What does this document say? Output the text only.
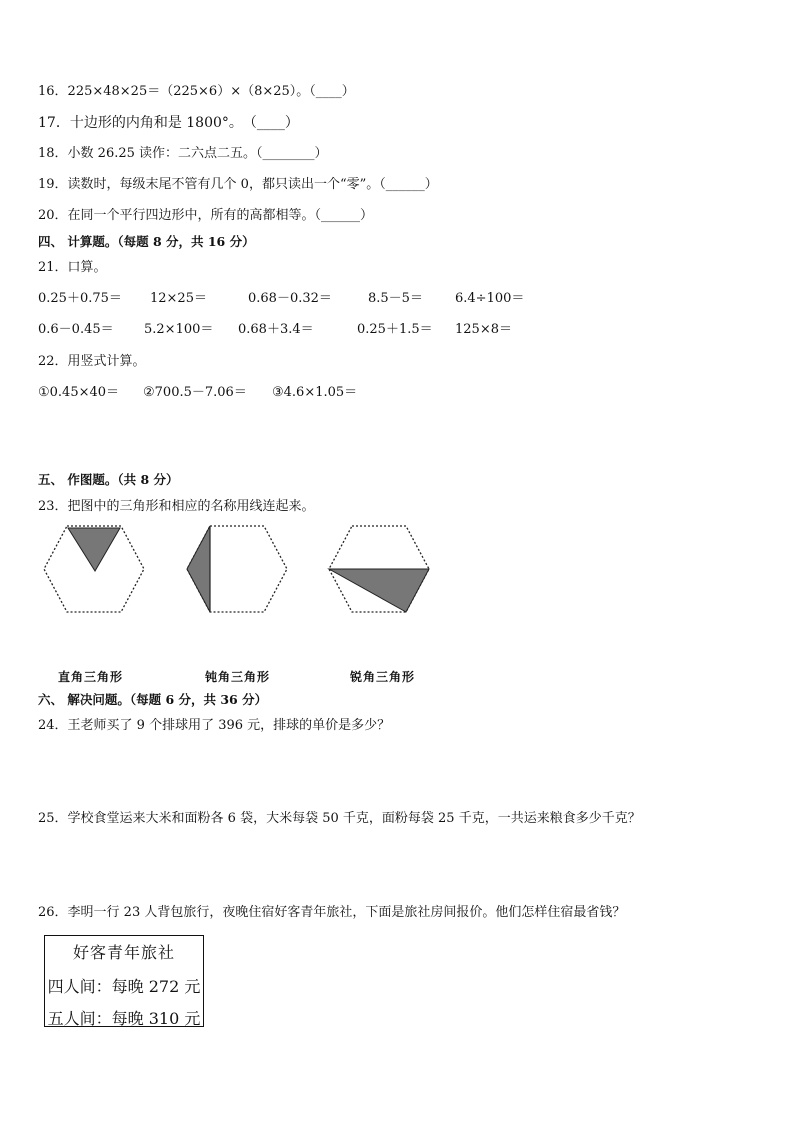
16．225×48×25＝（225×6）×（8×25）。（____）
17．十边形的内角和是 1800°。　（____）
18．小数 26.25 读作：二六点二五。（________）
19．读数时，每级末尾不管有几个 0，都只读出一个“零”。（______）
20．在同一个平行四边形中，所有的高都相等。（______）
四、 计算题。（每题 8 分，共 16 分）
21．口算。
0.25＋0.75＝ 12×25＝	0.68－0.32＝	8.5－5＝ 6.4÷100＝
0.6－0.45＝ 5.2×100＝ 0.68＋3.4＝	0.25＋1.5＝ 125×8＝
22．用竖式计算。
①0.45×40＝ ②700.5－7.06＝ ③4.6×1.05＝
五、 作图题。（共 8 分）
23．把图中的三角形和相应的名称用线连起来。
直角三角形	钝角三角形	锐角三角形
六、 解决问题。（每题 6 分，共 36 分）
24．王老师买了 9 个排球用了 396 元，排球的单价是多少？
25．学校食堂运来大米和面粉各 6 袋，大米每袋 50 千克，面粉每袋 25 千克，一共运来粮食多少千克？
26．李明一行 23 人背包旅行，夜晚住宿好客青年旅社，下面是旅社房间报价。他们怎样住宿最省钱？
好客青年旅社
四人间：每晚 272 元
五人间：每晚 310 元
